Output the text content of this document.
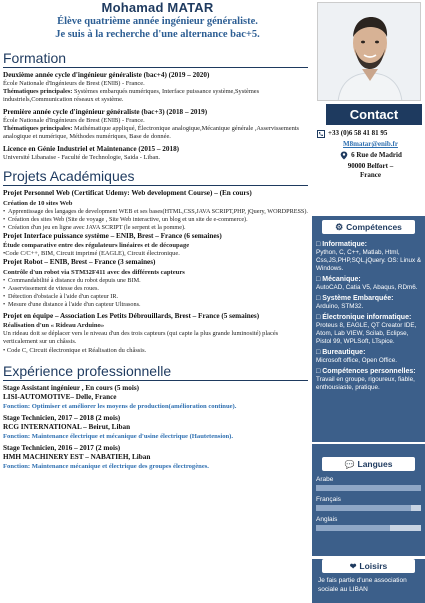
Mohamad MATAR
Élève quatrième année ingénieur généraliste.
Je suis à la recherche d'une alternance bac+5.
Formation
Deuxième année cycle d'ingénieur généraliste (bac+4) (2019 – 2020)
École Nationale d'Ingénieurs de Brest (ENIB) - France.
Thématiques principales: Systèmes embarqués numériques, Interface puissance système,Systèmes industriels,Communication réseaux et système.
Première année cycle d'ingénieur généraliste (bac+3) (2018 – 2019)
École Nationale d'Ingénieurs de Brest (ENIB) - France.
Thématiques principales: Mathématique appliqué, Électronique analogique,Mécanique générale ,Asservissements analogique et numérique, Méthodes numériques, Base de donnée.
Licence en Génie Industriel et Maintenance (2015 – 2018)
Université Libanaise - Faculté de Technologie, Saida - Liban.
Projets Académiques
Projet Personnel Web (Certificat Udemy: Web development Course) – (En cours)
Création de 10 sites Web
• Apprentissage des langages de development WEB et ses bases(HTML,CSS,JAVA SCRIPT,PHP, jQuery, WORDPRESS).
• Création des sites Web (Site de voyage , Site Web interactive, un blog et un site de e-commerce).
• Création d'un jeu en ligne avec JAVA SCRIPT (le serpent et la pomme).
Projet Interface puissance système – ENIB, Brest – France (6 semaines)
Étude comparative entre des régulateurs linéaires et de découpage
•Code C/C++, BIM, Circuit imprimé (EAGLE), Circuit électronique.
Projet Robot – ENIB, Brest – France (3 semaines)
Contrôle d'un robot via STM32F411 avec des différents capteurs
• Commandabilité à distance du robot depuis une BIM.
• Asservissement de vitesse des roues.
• Détection d'obstacle à l'aide d'un capteur IR.
• Mesure d'une distance à l'aide d'un capteur Ultrasons.
Projet en équipe – Association Les Petits Débrouillards, Brest – France (5 semaines)
Réalisation d'un « Rideau Arduino»
Un rideau doit se déplacer vers le niveau d'un des trois capteurs (qui capte la plus grande luminosité) placés verticalement sur un châssis.
• Code C, Circuit électronique et Réalisation du châssis.
Expérience professionnelle
Stage Assistant ingénieur , En cours (5 mois)
LISI-AUTOMOTIVE– Delle, France
Fonction: Optimiser et améliorer les moyens de production(amélioration continue).
Stage Technicien, 2017 – 2018 (2 mois)
RCG INTERNATIONAL – Beirut, Liban
Fonction: Maintenance électrique et mécanique d'usine électrique (Hautetension).
Stage Technicien, 2016 – 2017 (2 mois)
HMH MACHINERY EST – NABATIEH, Liban
Fonction: Maintenance mécanique et électrique des groupes électrogènes.
Contact
+33 (0)6 58 41 81 95
M8matar@enib.fr
6 Rue de Madrid
90000 Belfort –
France
⚙ Compétences
□ Informatique:
Python, C, C++, Matlab, Html, Css,JS,PHP,SQL,jQuery. OS: Linux & Windows.
□ Mécanique:
AutoCAD, Catia V5, Abaqus, RDm6.
□ Système Embarquée:
Arduino, STM32.
□ Électronique informatique:
Proteus 8, EAGLE, QT Creator IDE, Atom, Lab VIEW, Scilab, Eclipse, Pistol 99, WPLSoft, LTspice.
□ Bureautique:
Microsoft office, Open Office.
□ Compétences personnelles:
Travail en groupe, rigoureux, fiable, enthousiaste, pratique.
💬 Langues
Arabe
Français
Anglais
❤ Loisirs
Je fais partie d'une association sociale au LIBAN
